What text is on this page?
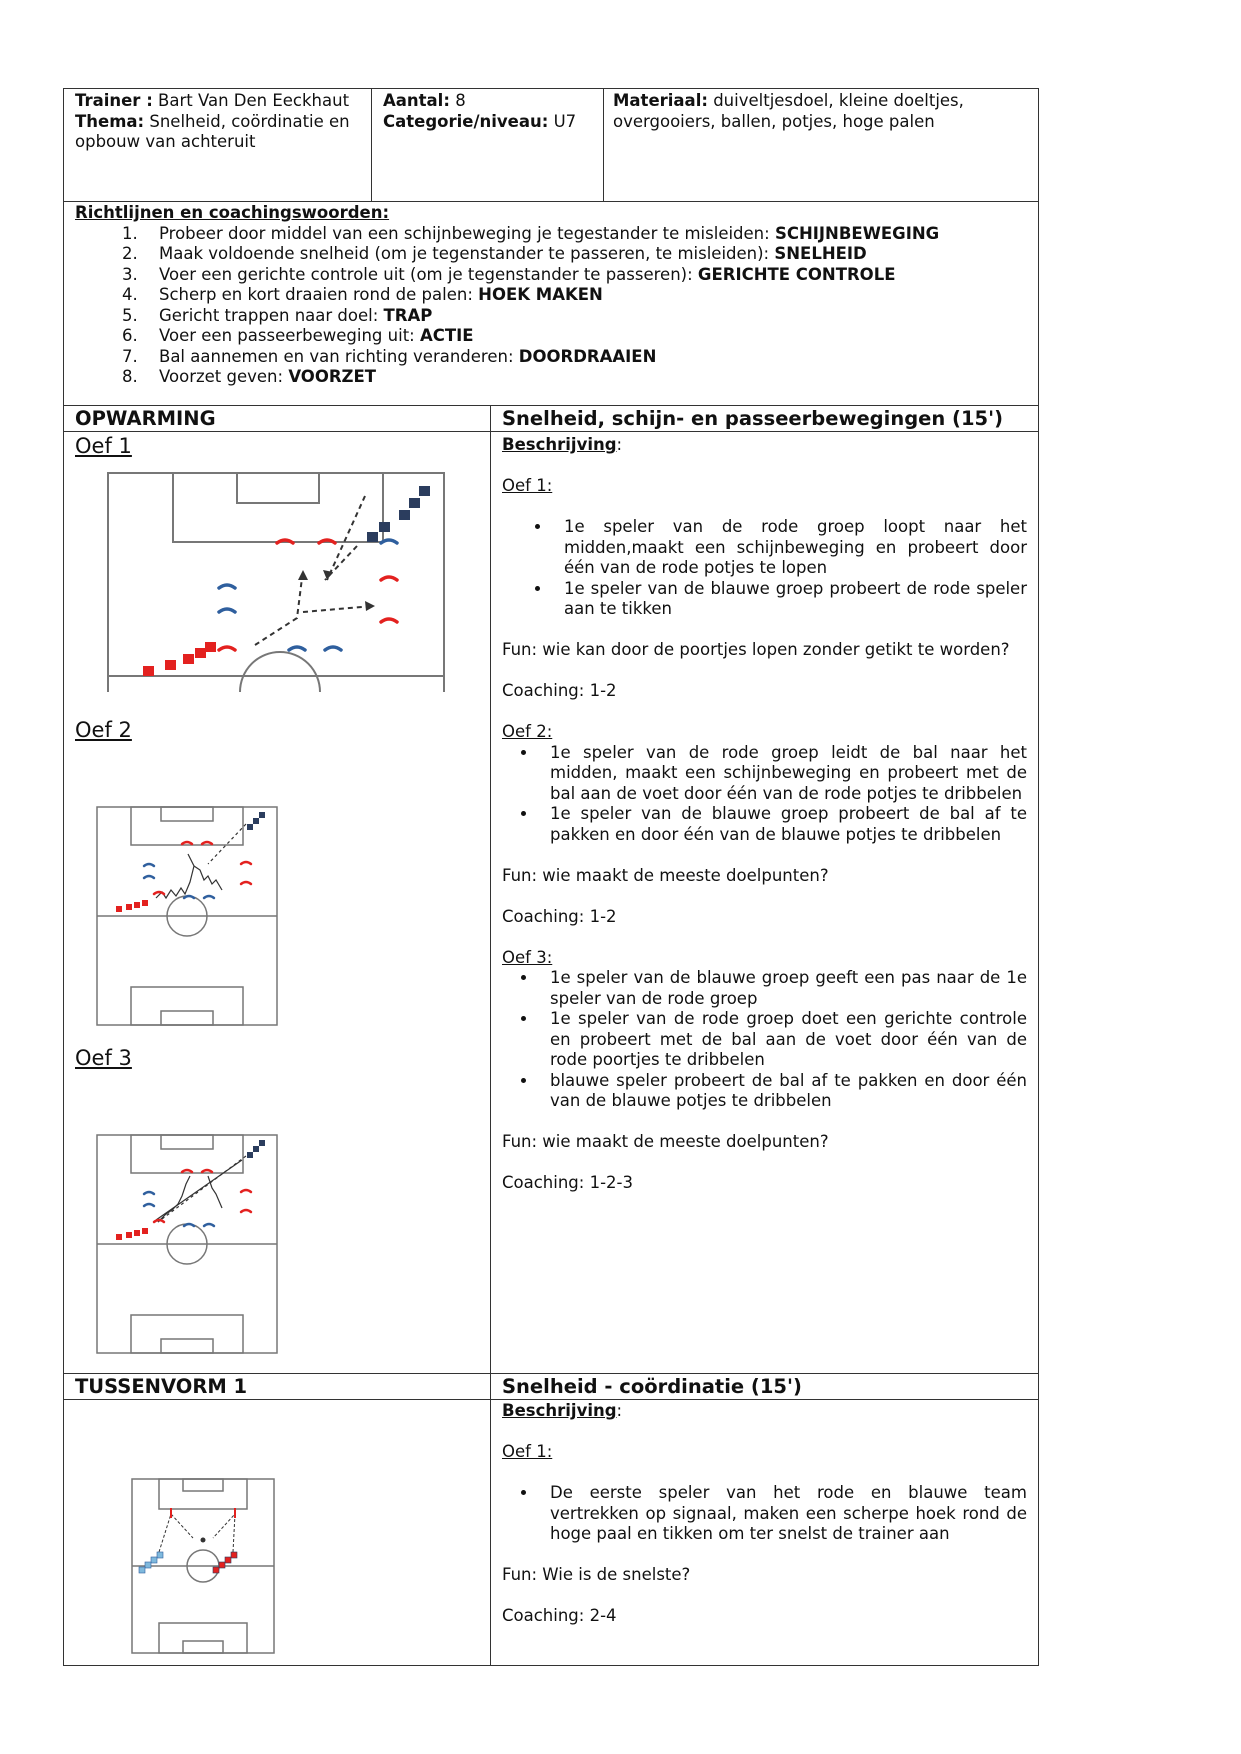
Trainer : Bart Van Den Eeckhaut
Thema: Snelheid, coördinatie en opbouw van achteruit
Aantal: 8
Categorie/niveau: U7
Materiaal: duiveltjesdoel, kleine doeltjes, overgooiers, ballen, potjes, hoge palen
Richtlijnen en coachingswoorden:
1. Probeer door middel van een schijnbeweging je tegestander te misleiden: SCHIJNBEWEGING
2. Maak voldoende snelheid (om je tegenstander te passeren, te misleiden): SNELHEID
3. Voer een gerichte controle uit (om je tegenstander te passeren): GERICHTE CONTROLE
4. Scherp en kort draaien rond de palen: HOEK MAKEN
5. Gericht trappen naar doel: TRAP
6. Voer een passeerbeweging uit: ACTIE
7. Bal aannemen en van richting veranderen: DOORDRAAIEN
8. Voorzet geven: VOORZET
OPWARMING	Snelheid, schijn- en passeerbewegingen (15')
Oef 1
Oef 2
Oef 3
Beschrijving:
Oef 1:
• 1e speler van de rode groep loopt naar het midden,maakt een schijnbeweging en probeert door één van de rode potjes te lopen
• 1e speler van de blauwe groep probeert de rode speler aan te tikken
Fun: wie kan door de poortjes lopen zonder getikt te worden?
Coaching: 1-2
Oef 2:
• 1e speler van de rode groep leidt de bal naar het midden, maakt een schijnbeweging en probeert met de bal aan de voet door één van de rode potjes te dribbelen
• 1e speler van de blauwe groep probeert de bal af te pakken en door één van de blauwe potjes te dribbelen
Fun: wie maakt de meeste doelpunten?
Coaching: 1-2
Oef 3:
• 1e speler van de blauwe groep geeft een pas naar de 1e speler van de rode groep
• 1e speler van de rode groep doet een gerichte controle en probeert met de bal aan de voet door één van de rode poortjes te dribbelen
• blauwe speler probeert de bal af te pakken en door één van de blauwe potjes te dribbelen
Fun: wie maakt de meeste doelpunten?
Coaching: 1-2-3
TUSSENVORM 1	Snelheid - coördinatie (15')
Beschrijving:
Oef 1:
• De eerste speler van het rode en blauwe team vertrekken op signaal, maken een scherpe hoek rond de hoge paal en tikken om ter snelst de trainer aan
Fun: Wie is de snelste?
Coaching: 2-4
